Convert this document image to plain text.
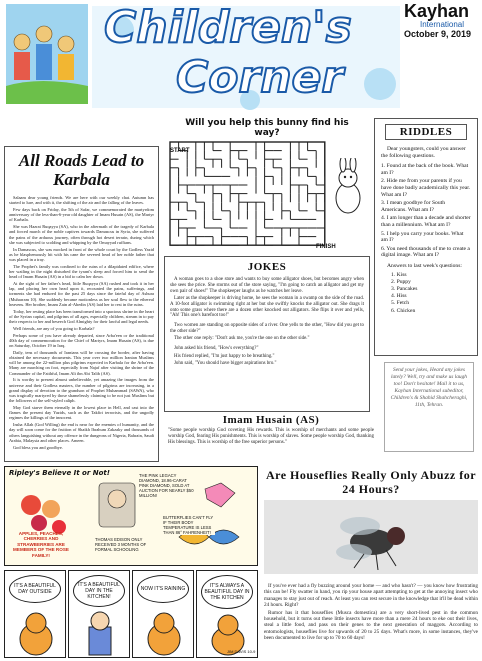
Children's
Corner
Kayhan
International
October 9, 2019
All Roads Lead to Karbala

Salaam dear young friends. We are here with our weekly chat. Autumn has started to lure, and with it, the shifting of the air and the falling of the leaves.

Few days back on Friday, the 5th of Safar, we commemorated the martyrdom anniversary of the less-than-6-year old daughter of Imam Husain (AS), the Martyr of Karbala.

She was Hazrat Ruqayya (SA), who in the aftermath of the tragedy of Karbala and forced march of the noble captives towards Damascus in Syria, she suffered the pains of the arduous journey, often through hot desert terrain, during which she was subjected to scolding and whipping by the Omayyad ruffians.

In Damascus, she was mocked in front of the whole court by the Godless Yazid as he blasphemously hit with his cane the severed head of her noble father that was placed in a tray.

The Prophet's family was confined to the ruins of a dilapidated edifice, where her wailing in the night disturbed the tyrant's sleep and forced him to send the head of Imam Husain (AS) in a bid to calm her down.

At the sight of her father's head, little Ruqayya (SA) rushed and took it in her lap, and placing her own head upon it, recounted the pains, sufferings, and torments she had endured for the past 25 days since the fateful day of Ashura (Muharram 10). She suddenly became motionless as her soul flew to the ethereal heavens. Her brother, Imam Zain al-Abedin (AS) laid her to rest in the ruins.

Today, her resting place has been transformed into a spacious shrine in the heart of the Syrian capital, and pilgrims of all ages, especially children, stream in to pay their respects to her and beseech God Almighty for their lawful and legal needs.

Well friends, are any of you going to Karbala?

Perhaps some of you have already departed, since Arba'een or the traditional 40th day of commemoration for the Chief of Martyrs, Imam Husain (AS), is due on Saturday, October 19 in Iraq.

Daily, tens of thousands of Iranians will be crossing the border, after having obtained the necessary documents. This year over two million Iranian Muslims will be among the 22-million plus pilgrims expected in Karbala for the Arba'een. Many are marching on foot, especially from Najaf after visiting the shrine of the Commander of the Faithful, Imam Ali ibn Abi Talib (AS).

It is worthy to present almost unbelievable, yet amazing the images from the universe and their Godless masters, the number of pilgrims are increasing, in a grand display of devotion to the grandson of Prophet Muhammad (SAWA), who was tragically martyred by those shamelessly claiming to be not just Muslims but the followers of the self-styled caliph.

May God starve them eternally in the lowest place in Hell, and cast into the flames the present day Yazids, such as the Takfiri terrorists, and the ungodly regimes the killings of the innocent.

Insha Allah (God Willing) the end is near for the enemies of humanity, and the day will soon come for the fruition of Shaikh Ibrahum Zakzaky and thousands of others languishing without any offence in the dungeons of Nigeria, Bahrain, Saudi Arabia, Malaysia and other places. Ameen.

God bless you and goodbye.

Will you help this bunny find his way?
START
FINISH
RIDDLES
Dear youngsters, could you answer the following questions.
1. Found at the back of the book. What am I?
2. Hide me from your parents if you have done badly academically this year. What am I?
3. I mean goodbye for South Americans. What am I?
4. I am longer than a decade and shorter than a millennium. What am I?
5. I help you carry your books. What am I?
6. You need thousands of me to create a digital image. What am I?
Answers to last week's questions:
1. Kiss
2. Puppy
3. Pancakes
4. Hiss
5. Fetch
6. Chicken
Send your jokes, Heard any jokes lately? Well, try and make us laugh too! Don't hesitate! Mail it to us, Kayhan International subeditor, Children's & Shahid Shahcheraghi, 11th, Tehran.
JOKES

A woman goes to a shoe store and wants to buy some alligator shoes, but becomes angry when she sees the price. She storms out of the store saying, "I'm going to catch an alligator and get my own pair of shoes!" The shopkeeper laughs as he watches her leave.

Later as the shopkeeper is driving home, he sees the woman in a swamp on the side of the road. A 10-foot alligator is swimming right at her but she swiftly knocks the alligator out. She drags it onto some grass where there are a dozen other knocked out alligators. She flips it over and yells, "Ah! This one's barefoot too!"

Two women are standing on opposite sides of a river. One yells to the other, "How did you get to the other side?"

The other one reply: "Don't ask me, you're the one on the other side."

John asked his friend, "How's everything?"

His friend replied, "I'm just happy to be breathing."

John said, "You should have bigger aspirations bro."

Imam Husain (AS)
"Some people worship God coveting His rewards. This is worship of merchants and some people worship God, fearing His punishments. This is worship of slaves. Some people worship God, thanking His blessings. This is worship of the free superior persons."
Ripley's Believe It or Not!
APPLES, PEACHES, CHERRIES AND STRAWBERRIES ARE MEMBERS OF THE ROSE FAMILY!
THOMAS EDISON ONLY RECEIVED 3 MONTHS OF FORMAL SCHOOLING
THE PINK LEGACY DIAMOND, 18.96-CARAT PINK DIAMOND, SOLD AT AUCTION FOR NEARLY $50 MILLION!
BUTTERFLIES CAN'T FLY IF THEIR BODY TEMPERATURE IS LESS THAN 86° FAHRENHEIT!
IT'S A BEAUTIFUL DAY OUTSIDE
IT'S A BEAUTIFUL DAY IN THE KITCHEN!
NOW IT'S RAINING	IT'S ALWAYS A BEAUTIFUL DAY IN THE KITCHEN
JIM DAVIS 10-9
Are Houseflies Really Only Abuzz for 24 Hours?

If you've ever had a fly buzzing around your home — and who hasn't? — you know how frustrating this can be! Fly swatter in hand, you rip your house apart attempting to get at the annoying insect who manages to stay just out of reach. At least you can rest secure in the knowledge that it'll be dead within 24 hours. Right?

Rumor has it that houseflies (Musca domestica) are a very short-lived pest in the common household, but it turns out these little insects have more than a mere 24 hours to eke out their lives, steal a little food, and pass on their genes to the next generation of maggots. According to entomologists, houseflies live for upwards of 20 to 25 days. What's more, in some instances, they've been documented to live for up to 70 to 60 days!
